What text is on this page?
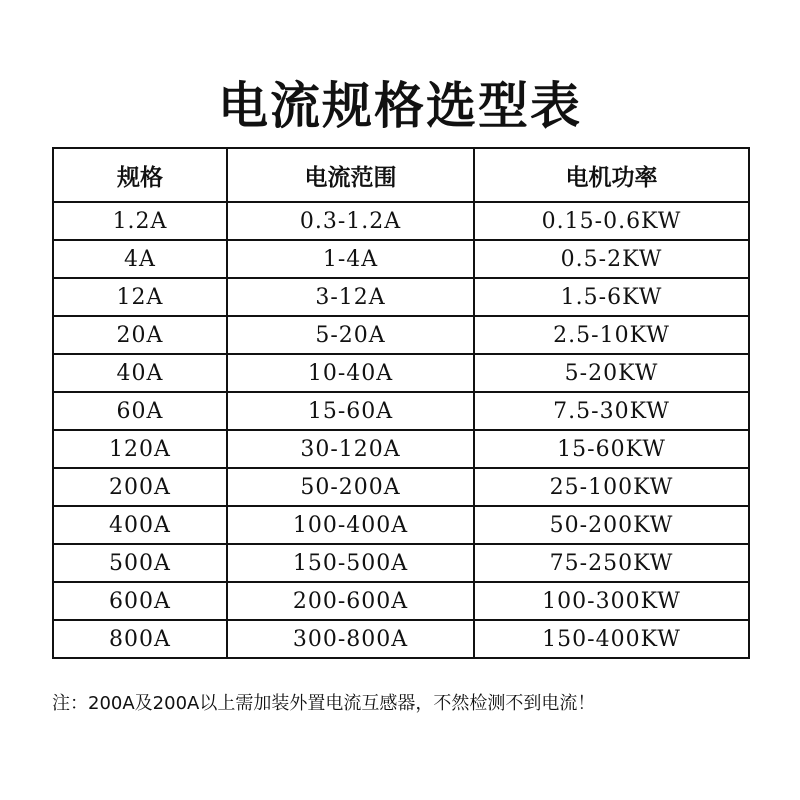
电流规格选型表
规格	电流范围	电机功率
1.2A	0.3-1.2A	0.15-0.6KW
4A	1-4A	0.5-2KW
12A	3-12A	1.5-6KW
20A	5-20A	2.5-10KW
40A	10-40A	5-20KW
60A	15-60A	7.5-30KW
120A	30-120A	15-60KW
200A	50-200A	25-100KW
400A	100-400A	50-200KW
500A	150-500A	75-250KW
600A	200-600A	100-300KW
800A	300-800A	150-400KW
注：200A及200A以上需加装外置电流互感器，不然检测不到电流！
